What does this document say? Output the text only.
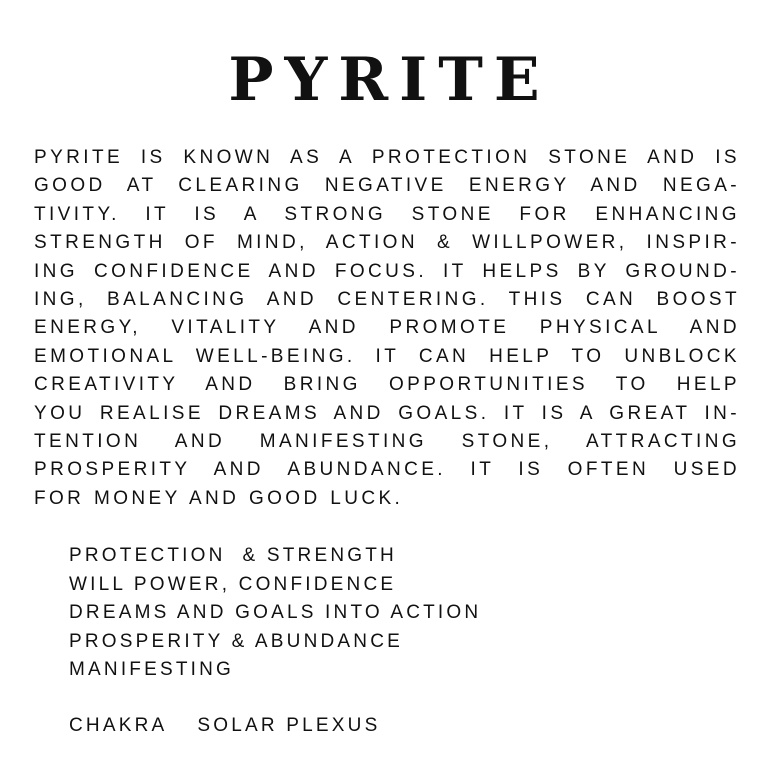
PYRITE
PYRITE IS KNOWN AS A PROTECTION STONE AND IS
GOOD AT CLEARING NEGATIVE ENERGY AND NEGA-
TIVITY. IT IS A STRONG STONE FOR ENHANCING
STRENGTH OF MIND, ACTION & WILLPOWER, INSPIR-
ING CONFIDENCE AND FOCUS. IT HELPS BY GROUND-
ING, BALANCING AND CENTERING. THIS CAN BOOST
ENERGY, VITALITY AND PROMOTE PHYSICAL AND
EMOTIONAL WELL-BEING. IT CAN HELP TO UNBLOCK
CREATIVITY AND BRING OPPORTUNITIES TO HELP
YOU REALISE DREAMS AND GOALS. IT IS A GREAT IN-
TENTION AND MANIFESTING STONE, ATTRACTING
PROSPERITY AND ABUNDANCE. IT IS OFTEN USED
FOR MONEY AND GOOD LUCK.
PROTECTION  & STRENGTH
WILL POWER, CONFIDENCE
DREAMS AND GOALS INTO ACTION
PROSPERITY & ABUNDANCE
MANIFESTING
CHAKRA SOLAR PLEXUS
